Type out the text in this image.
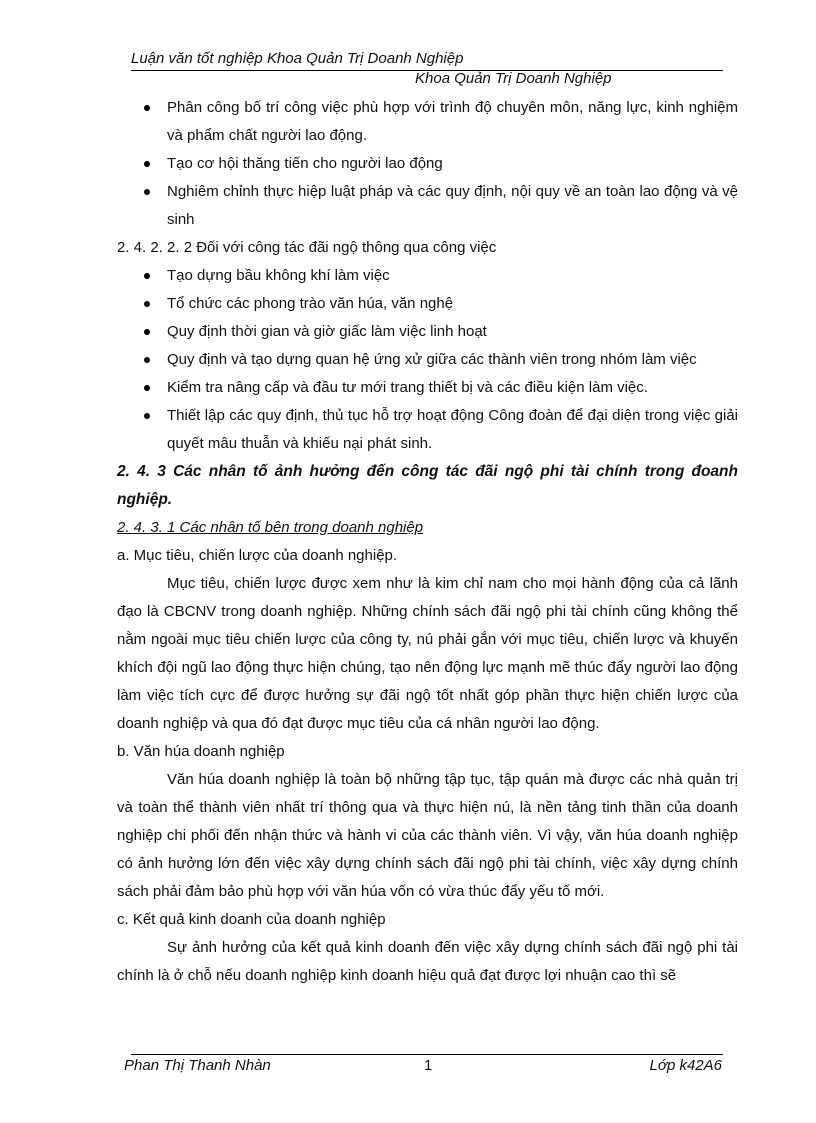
Luận văn tốt nghiệp Khoa Quản Trị Doanh Nghiệp
Khoa Quản Trị Doanh Nghiệp
Phân công bố trí công việc phù hợp với trình độ chuyên môn, năng lực, kinh nghiệm và phẩm chất người lao động.
Tạo cơ hội thăng tiến cho người lao động
Nghiêm chỉnh thực hiệp luật pháp và các quy định, nội quy về an toàn lao động và vệ sinh
2. 4. 2. 2. 2 Đối với công tác đãi ngộ thông qua công việc
Tạo dựng bầu không khí làm việc
Tổ chức các phong trào văn húa, văn nghệ
Quy định thời gian và giờ giấc làm việc linh hoạt
Quy định và tạo dựng quan hệ ứng xử giữa các thành viên trong nhóm làm việc
Kiểm tra nâng cấp và đầu tư mới trang thiết bị và các điều kiện làm việc.
Thiết lập các quy định, thủ tục hỗ trợ hoạt động Công đoàn để đại diện trong việc giải quyết mâu thuẫn và khiếu nại phát sinh.
2. 4. 3 Các nhân tố ảnh hưởng đến công tác đãi ngộ phi tài chính trong đoanh nghiệp.
2. 4. 3. 1 Các nhân tố bên trong doanh nghiệp
a. Mục tiêu, chiến lược của doanh nghiệp.
Mục tiêu, chiến lược được xem như là kim chỉ nam cho mọi hành động của cả lãnh đạo là CBCNV trong doanh nghiệp. Những chính sách đãi ngộ phi tài chính cũng không thể nằm ngoài mục tiêu chiến lược của công ty, nú phải gắn với mục tiêu, chiến lược và khuyến khích đội ngũ lao động thực hiện chúng, tạo nên động lực mạnh mẽ thúc đẩy người lao động làm việc tích cực để được hưởng sự đãi ngộ tốt nhất góp phần thực hiện chiến lược của doanh nghiệp và qua đó đạt được mục tiêu của cá nhân người lao động.
b. Văn húa doanh nghiệp
Văn húa doanh nghiệp là toàn bộ những tập tục, tập quán mà được các nhà quản trị và toàn thể thành viên nhất trí thông qua và thực hiện nú, là nền tảng tinh thần của doanh nghiệp chi phối đến nhận thức và hành vi của các thành viên. Vì vậy, văn húa doanh nghiệp có ảnh hưởng lớn đến việc xây dựng chính sách đãi ngộ phi tài chính, việc xây dựng chính sách phải đảm bảo phù hợp với văn húa vốn có vừa thúc đẩy yếu tố mới.
c. Kết quả kinh doanh của doanh nghiệp
Sự ảnh hưởng của kết quả kinh doanh đến việc xây dựng chính sách đãi ngộ phi tài chính là ở chỗ nếu doanh nghiệp kinh doanh hiệu quả đạt được lợi nhuận cao thì sẽ
Phan Thị Thanh Nhàn	1	Lớp k42A6
